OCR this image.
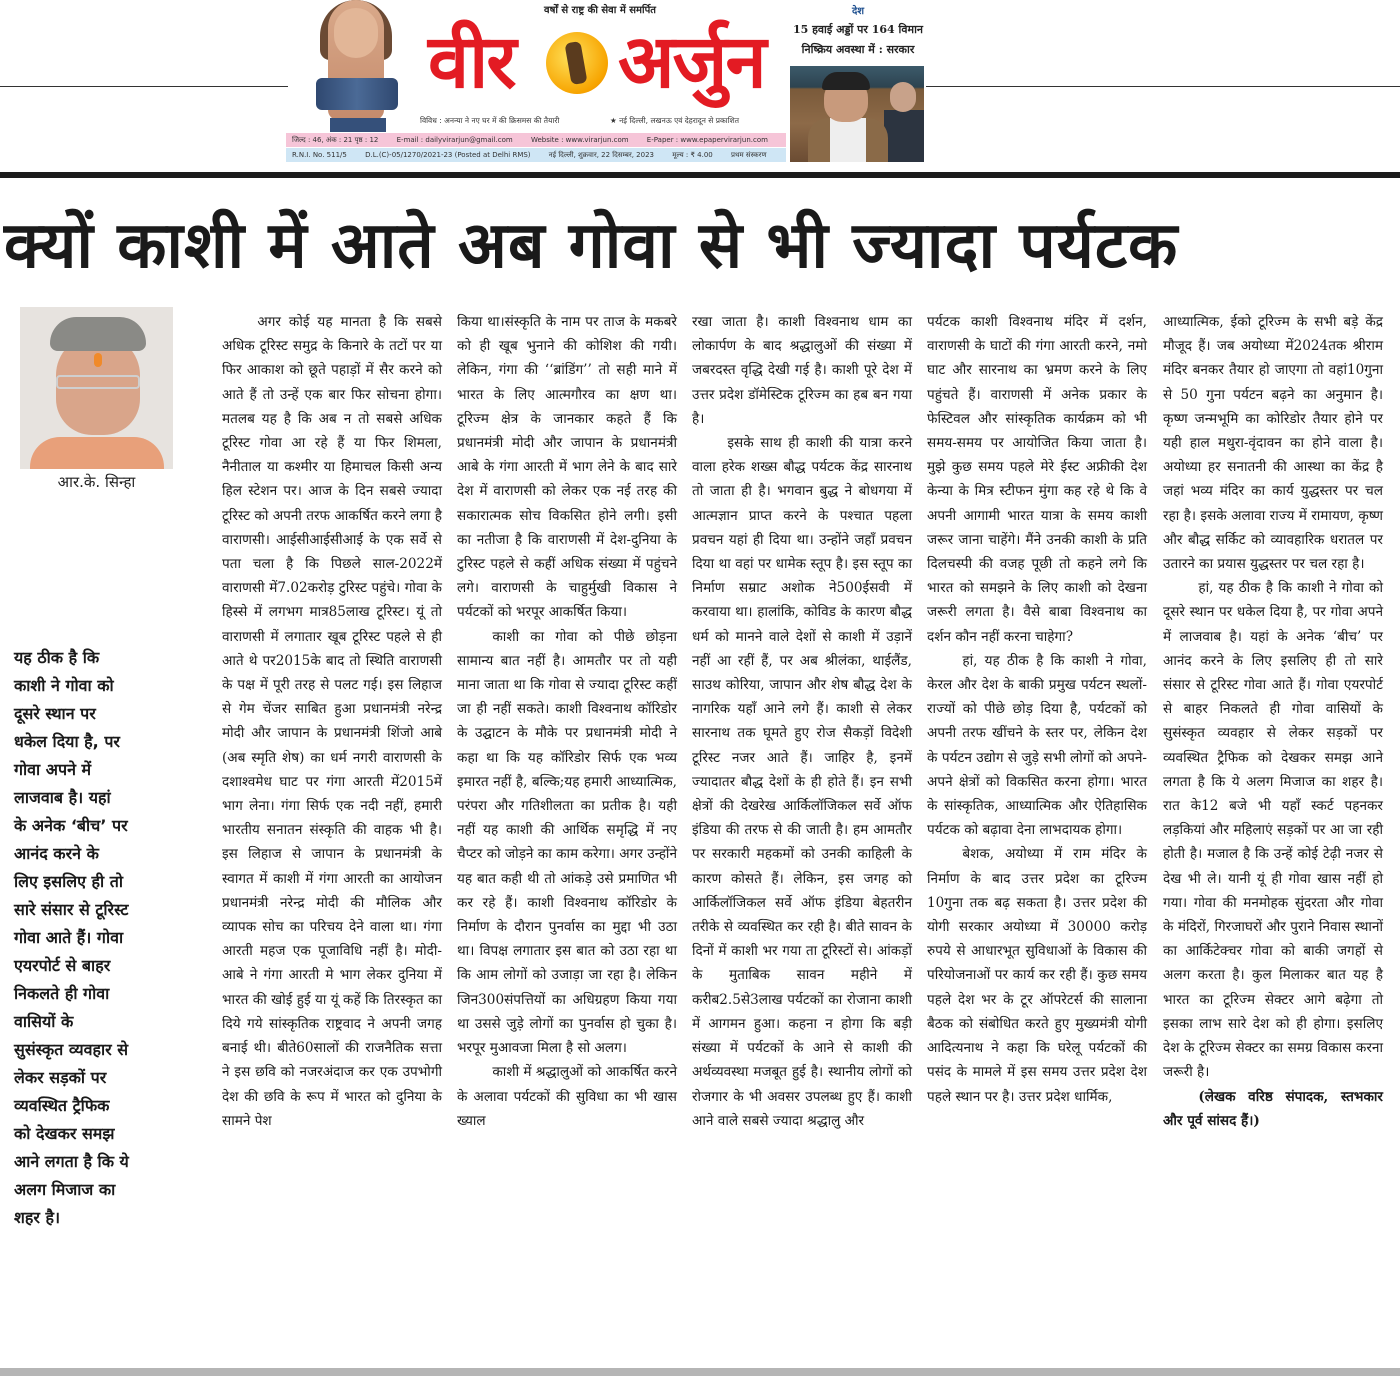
वर्षों से राष्ट्र की सेवा में समर्पित
वीर अर्जुन
विविध : अनन्या ने नए घर में की क्रिसमस की तैयारी	★ नई दिल्ली, लखनऊ एवं देहरादून से प्रकाशित
जिल्द : 46, अंक : 21 पृष्ठ : 12	E-mail : dailyvirarjun@gmail.com	Website : www.virarjun.com	E-Paper : www.epapervirarjun.com
R.N.I. No. 511/5	D.L.(C)-05/1270/2021-23 (Posted at Delhi RMS)	नई दिल्ली, शुक्रवार, 22 दिसम्बर, 2023	मूल्य : ₹ 4.00	प्रथम संस्करण
देश
15 हवाई अड्डों पर 164 विमान
निष्क्रिय अवस्था में : सरकार
क्यों काशी में आते अब गोवा से भी ज्यादा पर्यटक
आर.के. सिन्हा
यह ठीक है कि
काशी ने गोवा को
दूसरे स्थान पर
धकेल दिया है, पर
गोवा अपने में
लाजवाब है। यहां
के अनेक ‘बीच’ पर
आनंद करने के
लिए इसलिए ही तो
सारे संसार से टूरिस्ट
गोवा आते हैं। गोवा
एयरपोर्ट से बाहर
निकलते ही गोवा
वासियों के
सुसंस्कृत व्यवहार से
लेकर सड़कों पर
व्यवस्थित ट्रैफिक
को देखकर समझ
आने लगता है कि ये
अलग मिजाज का
शहर है।

अगर कोई यह मानता है कि सबसे अधिक टूरिस्ट समुद्र के किनारे के तटों पर या फिर आकाश को छूते पहाड़ों में सैर करने को आते हैं तो उन्हें एक बार फिर सोचना होगा। मतलब यह है कि अब न तो सबसे अधिक टूरिस्ट गोवा आ रहे हैं या फिर शिमला, नैनीताल या कश्मीर या हिमाचल किसी अन्य हिल स्टेशन पर। आज के दिन सबसे ज्यादा टूरिस्ट को अपनी तरफ आकर्षित करने लगा है वाराणसी। आईसीआईसीआई के एक सर्वे से पता चला है कि पिछले साल-2022में वाराणसी में7.02करोड़ टुरिस्ट पहुंचे। गोवा के हिस्से में लगभग मात्र85लाख टूरिस्ट। यूं तो वाराणसी में लगातार खूब टूरिस्ट पहले से ही आते थे पर2015के बाद तो स्थिति वाराणसी के पक्ष में पूरी तरह से पलट गई। इस लिहाज से गेम चेंजर साबित हुआ प्रधानमंत्री नरेन्द्र मोदी और जापान के प्रधानमंत्री शिंजो आबे (अब स्मृति शेष) का धर्म नगरी वाराणसी के दशाश्वमेध घाट पर गंगा आरती में2015में भाग लेना। गंगा सिर्फ एक नदी नहीं, हमारी भारतीय सनातन संस्कृति की वाहक भी है। इस लिहाज से जापान के प्रधानमंत्री के स्वागत में काशी में गंगा आरती का आयोजन प्रधानमंत्री नरेन्द्र मोदी की मौलिक और व्यापक सोच का परिचय देने वाला था। गंगा आरती महज एक पूजाविधि नहीं है। मोदी-आबे ने गंगा आरती मे भाग लेकर दुनिया में भारत की खोई हुई या यूं कहें कि तिरस्कृत का दिये गये सांस्कृतिक राष्ट्रवाद ने अपनी जगह बनाई थी। बीते60सालों की राजनैतिक सत्ता ने इस छवि को नजरअंदाज कर एक उपभोगी देश की छवि के रूप में भारत को दुनिया के सामने पेश

किया था।संस्कृति के नाम पर ताज के मकबरे को ही खूब भुनाने की कोशिश की गयी। लेकिन, गंगा की ‘‘ब्रांडिंग’’ तो सही माने में भारत के लिए आत्मगौरव का क्षण था। टूरिज्म क्षेत्र के जानकार कहते हैं कि प्रधानमंत्री मोदी और जापान के प्रधानमंत्री आबे के गंगा आरती में भाग लेने के बाद सारे देश में वाराणसी को लेकर एक नई तरह की सकारात्मक सोच विकसित होने लगी। इसी का नतीजा है कि वाराणसी में देश-दुनिया के टुरिस्ट पहले से कहीं अधिक संख्या में पहुंचने लगे। वाराणसी के चाहुर्मुखी विकास ने पर्यटकों को भरपूर आकर्षित किया।

काशी का गोवा को पीछे छोड़ना सामान्य बात नहीं है। आमतौर पर तो यही माना जाता था कि गोवा से ज्यादा टूरिस्ट कहीं जा ही नहीं सकते। काशी विश्वनाथ कॉरिडोर के उद्घाटन के मौके पर प्रधानमंत्री मोदी ने कहा था कि यह कॉरिडोर सिर्फ एक भव्य इमारत नहीं है, बल्कि;यह हमारी आध्यात्मिक, परंपरा और गतिशीलता का प्रतीक है। यही नहीं यह काशी की आर्थिक समृद्धि में नए चैप्टर को जोड़ने का काम करेगा। अगर उन्होंने यह बात कही थी तो आंकड़े उसे प्रमाणित भी कर रहे हैं। काशी विश्वनाथ कॉरिडोर के निर्माण के दौरान पुनर्वास का मुद्दा भी उठा था। विपक्ष लगातार इस बात को उठा रहा था कि आम लोगों को उजाड़ा जा रहा है। लेकिन जिन300संपत्तियों का अधिग्रहण किया गया था उससे जुड़े लोगों का पुनर्वास हो चुका है। भरपूर मुआवजा मिला है सो अलग।

काशी में श्रद्धालुओं को आकर्षित करने के अलावा पर्यटकों की सुविधा का भी खास ख्याल

रखा जाता है। काशी विश्वनाथ धाम का लोकार्पण के बाद श्रद्धालुओं की संख्या में जबरदस्त वृद्धि देखी गई है। काशी पूरे देश में उत्तर प्रदेश डॉमेस्टिक टूरिज्म का हब बन गया है।

इसके साथ ही काशी की यात्रा करने वाला हरेक शख्स बौद्ध पर्यटक केंद्र सारनाथ तो जाता ही है। भगवान बुद्ध ने बोधगया में आत्मज्ञान प्राप्त करने के पश्चात पहला प्रवचन यहां ही दिया था। उन्होंने जहाँ प्रवचन दिया था वहां पर धामेक स्तूप है। इस स्तूप का निर्माण सम्राट अशोक ने500ईसवी में करवाया था। हालांकि, कोविड के कारण बौद्ध धर्म को मानने वाले देशों से काशी में उड़ानें नहीं आ रहीं हैं, पर अब श्रीलंका, थाईलैंड, साउथ कोरिया, जापान और शेष बौद्ध देश के नागरिक यहाँ आने लगे हैं। काशी से लेकर सारनाथ तक घूमते हुए रोज सैकड़ों विदेशी टूरिस्ट नजर आते हैं। जाहिर है, इनमें ज्यादातर बौद्ध देशों के ही होते हैं। इन सभी क्षेत्रों की देखरेख आर्किलॉजिकल सर्वे ऑफ इंडिया की तरफ से की जाती है। हम आमतौर पर सरकारी महकमों को उनकी काहिली के कारण कोसते हैं। लेकिन, इस जगह को आर्किलॉजिकल सर्वे ऑफ इंडिया बेहतरीन तरीके से व्यवस्थित कर रही है। बीते सावन के दिनों में काशी भर गया ता टूरिस्टों से। आंकड़ों के मुताबिक सावन महीने में करीब2.5से3लाख पर्यटकों का रोजाना काशी में आगमन हुआ। कहना न होगा कि बड़ी संख्या में पर्यटकों के आने से काशी की अर्थव्यवस्था मजबूत हुई है। स्थानीय लोगों को रोजगार के भी अवसर उपलब्ध हुए हैं। काशी आने वाले सबसे ज्यादा श्रद्धालु और

पर्यटक काशी विश्वनाथ मंदिर में दर्शन, वाराणसी के घाटों की गंगा आरती करने, नमो घाट और सारनाथ का भ्रमण करने के लिए पहुंचते हैं। वाराणसी में अनेक प्रकार के फेस्टिवल और सांस्कृतिक कार्यक्रम को भी समय-समय पर आयोजित किया जाता है। मुझे कुछ समय पहले मेरे ईस्ट अफ्रीकी देश केन्या के मित्र स्टीफन मुंगा कह रहे थे कि वे अपनी आगामी भारत यात्रा के समय काशी जरूर जाना चाहेंगे। मैंने उनकी काशी के प्रति दिलचस्पी की वजह पूछी तो कहने लगे कि भारत को समझने के लिए काशी को देखना जरूरी लगता है। वैसे बाबा विश्वनाथ का दर्शन कौन नहीं करना चाहेगा?

हां, यह ठीक है कि काशी ने गोवा, केरल और देश के बाकी प्रमुख पर्यटन स्थलों-राज्यों को पीछे छोड़ दिया है, पर्यटकों को अपनी तरफ खींचने के स्तर पर, लेकिन देश के पर्यटन उद्योग से जुड़े सभी लोगों को अपने-अपने क्षेत्रों को विकसित करना होगा। भारत के सांस्कृतिक, आध्यात्मिक और ऐतिहासिक पर्यटक को बढ़ावा देना लाभदायक होगा।

बेशक, अयोध्या में राम मंदिर के निर्माण के बाद उत्तर प्रदेश का टूरिज्म 10गुना तक बढ़ सकता है। उत्तर प्रदेश की योगी सरकार अयोध्या में 30000 करोड़ रुपये से आधारभूत सुविधाओं के विकास की परियोजनाओं पर कार्य कर रही हैं। कुछ समय पहले देश भर के टूर ऑपरेटर्स की सालाना बैठक को संबोधित करते हुए मुख्यमंत्री योगी आदित्यनाथ ने कहा कि घरेलू पर्यटकों की पसंद के मामले में इस समय उत्तर प्रदेश देश पहले स्थान पर है। उत्तर प्रदेश धार्मिक,

आध्यात्मिक, ईको टूरिज्म के सभी बड़े केंद्र मौजूद हैं। जब अयोध्या में2024तक श्रीराम मंदिर बनकर तैयार हो जाएगा तो वहां10गुना से 50 गुना पर्यटन बढ़ने का अनुमान है। कृष्ण जन्मभूमि का कोरिडोर तैयार होने पर यही हाल मथुरा-वृंदावन का होने वाला है।अयोध्या हर सनातनी की आस्था का केंद्र है जहां भव्य मंदिर का कार्य युद्धस्तर पर चल रहा है। इसके अलावा राज्य में रामायण, कृष्ण और बौद्ध सर्किट को व्यावहारिक धरातल पर उतारने का प्रयास युद्धस्तर पर चल रहा है।

हां, यह ठीक है कि काशी ने गोवा को दूसरे स्थान पर धकेल दिया है, पर गोवा अपने में लाजवाब है। यहां के अनेक ‘बीच’ पर आनंद करने के लिए इसलिए ही तो सारे संसार से टूरिस्ट गोवा आते हैं। गोवा एयरपोर्ट से बाहर निकलते ही गोवा वासियों के सुसंस्कृत व्यवहार से लेकर सड़कों पर व्यवस्थित ट्रैफिक को देखकर समझ आने लगता है कि ये अलग मिजाज का शहर है। रात के12 बजे भी यहाँ स्कर्ट पहनकर लड़कियां और महिलाएं सड़कों पर आ जा रही होती है। मजाल है कि उन्हें कोई टेढ़ी नजर से देख भी ले। यानी यूं ही गोवा खास नहीं हो गया। गोवा की मनमोहक सुंदरता और गोवा के मंदिरों, गिरजाघरों और पुराने निवास स्थानों का आर्किटेक्चर गोवा को बाकी जगहों से अलग करता है। कुल मिलाकर बात यह है भारत का टूरिज्म सेक्टर आगे बढ़ेगा तो इसका लाभ सारे देश को ही होगा। इसलिए देश के टूरिज्म सेक्टर का समग्र विकास करना जरूरी है।

(लेखक वरिष्ठ संपादक, स्तभकार और पूर्व सांसद हैं।)
